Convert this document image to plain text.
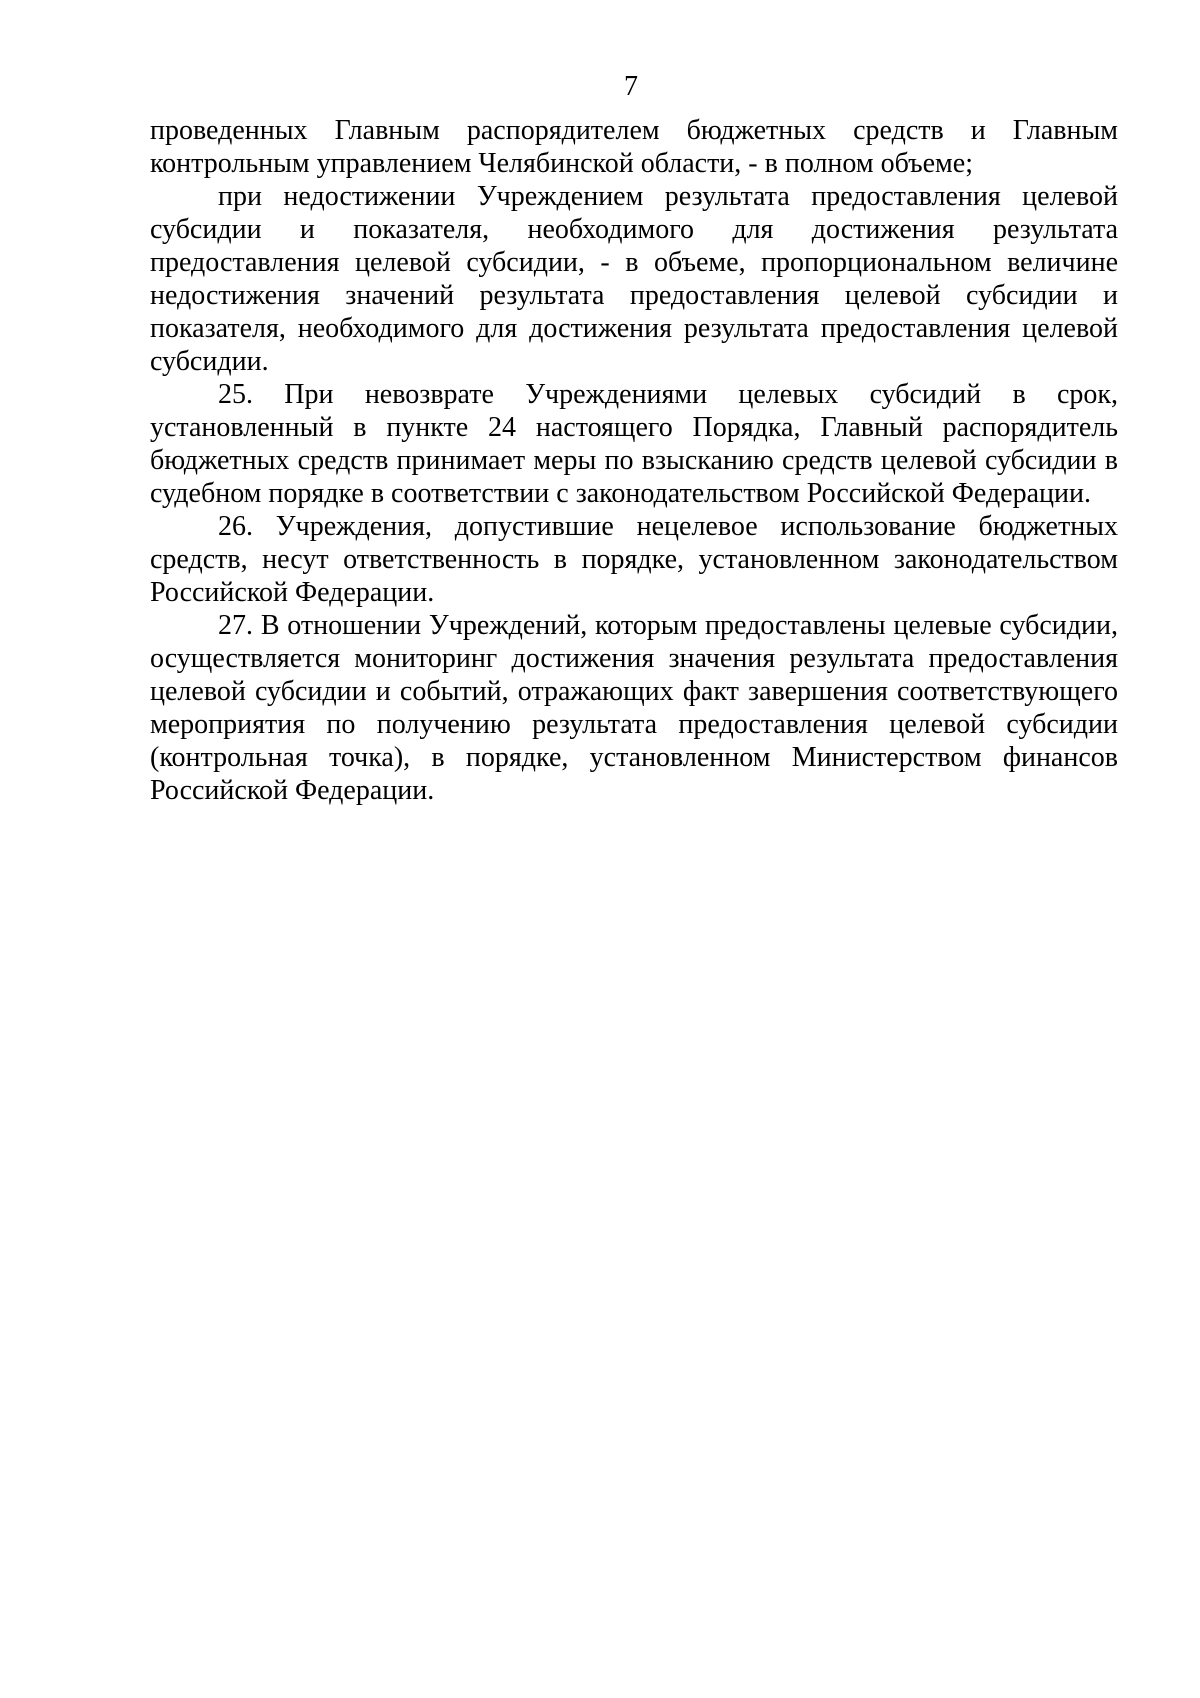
7

проведенных Главным распорядителем бюджетных средств и Главным контрольным управлением Челябинской области, - в полном объеме;

при недостижении Учреждением результата предоставления целевой субсидии и показателя, необходимого для достижения результата предоставления целевой субсидии, - в объеме, пропорциональном величине недостижения значений результата предоставления целевой субсидии и показателя, необходимого для достижения результата предоставления целевой субсидии.

25. При невозврате Учреждениями целевых субсидий в срок, установленный в пункте 24 настоящего Порядка, Главный распорядитель бюджетных средств принимает меры по взысканию средств целевой субсидии в судебном порядке в соответствии с законодательством Российской Федерации.

26. Учреждения, допустившие нецелевое использование бюджетных средств, несут ответственность в порядке, установленном законодательством Российской Федерации.

27. В отношении Учреждений, которым предоставлены целевые субсидии, осуществляется мониторинг достижения значения результата предоставления целевой субсидии и событий, отражающих факт завершения соответствующего мероприятия по получению результата предоставления целевой субсидии (контрольная точка), в порядке, установленном Министерством финансов Российской Федерации.
